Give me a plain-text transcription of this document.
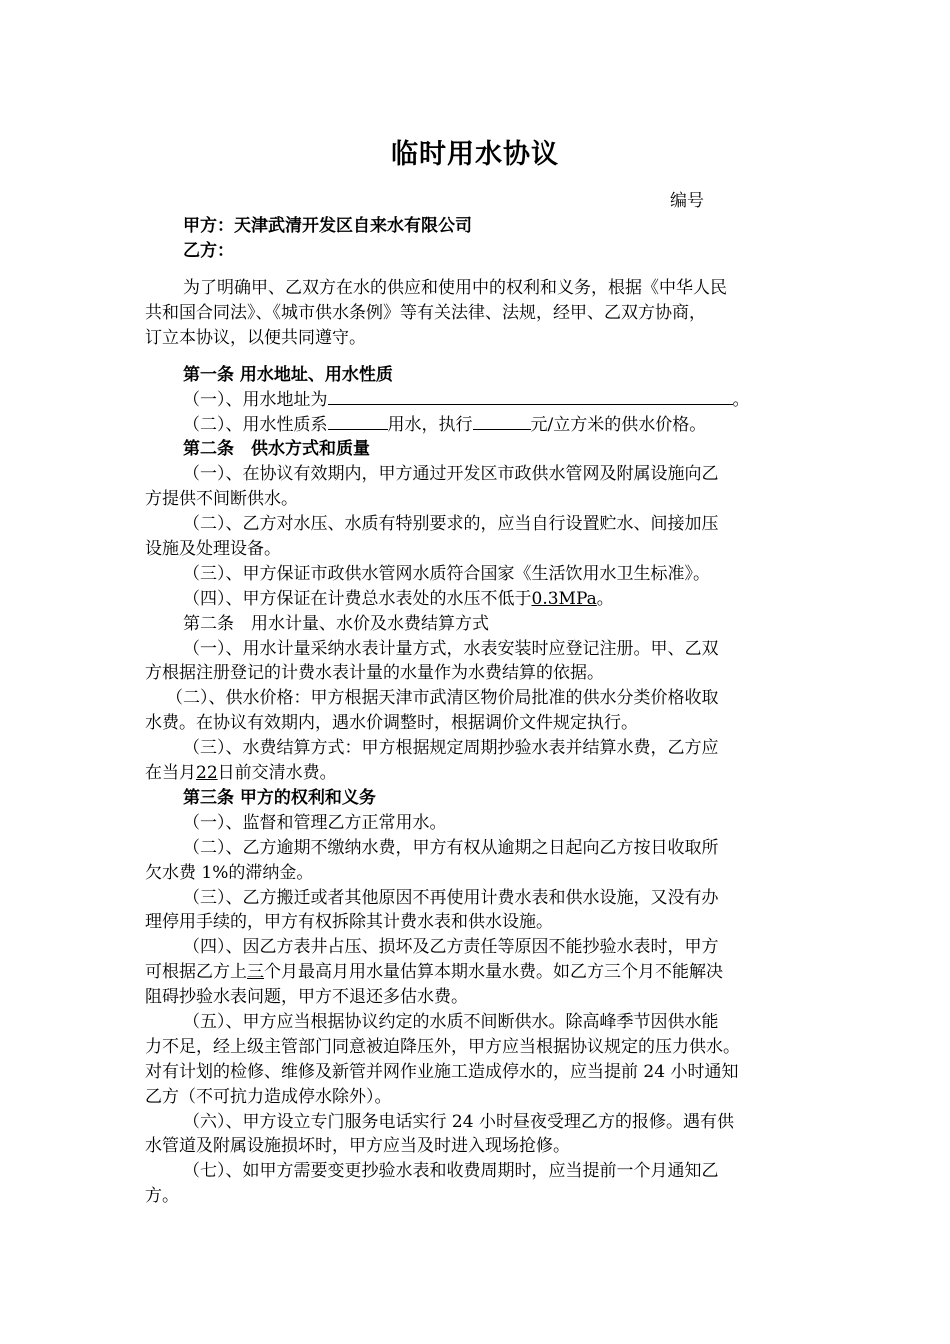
临时用水协议
编号
甲方：天津武清开发区自来水有限公司
乙方：
为了明确甲、乙双方在水的供应和使用中的权利和义务，根据《中华人民
共和国合同法》、《城市供水条例》等有关法律、法规，经甲、乙双方协商，
订立本协议，以便共同遵守。
第一条 用水地址、用水性质
（一）、用水地址为	。
（二）、用水性质系	用水，执行	元/立方米的供水价格。
第二条　供水方式和质量
（一）、在协议有效期内，甲方通过开发区市政供水管网及附属设施向乙
方提供不间断供水。
（二）、乙方对水压、水质有特别要求的，应当自行设置贮水、间接加压
设施及处理设备。
（三）、甲方保证市政供水管网水质符合国家《生活饮用水卫生标准》。
（四）、甲方保证在计费总水表处的水压不低于0.3MPa。
第二条　用水计量、水价及水费结算方式
（一）、用水计量采纳水表计量方式，水表安装时应登记注册。甲、乙双
方根据注册登记的计费水表计量的水量作为水费结算的依据。
（二）、供水价格：甲方根据天津市武清区物价局批准的供水分类价格收取
水费。在协议有效期内，遇水价调整时，根据调价文件规定执行。
（三）、水费结算方式：甲方根据规定周期抄验水表并结算水费，乙方应
在当月22日前交清水费。
第三条 甲方的权利和义务
（一）、监督和管理乙方正常用水。
（二）、乙方逾期不缴纳水费，甲方有权从逾期之日起向乙方按日收取所
欠水费 1%的滞纳金。
（三）、乙方搬迁或者其他原因不再使用计费水表和供水设施，又没有办
理停用手续的，甲方有权拆除其计费水表和供水设施。
（四）、因乙方表井占压、损坏及乙方责任等原因不能抄验水表时，甲方
可根据乙方上三个月最高月用水量估算本期水量水费。如乙方三个月不能解决
阻碍抄验水表问题，甲方不退还多估水费。
（五）、甲方应当根据协议约定的水质不间断供水。除高峰季节因供水能
力不足，经上级主管部门同意被迫降压外，甲方应当根据协议规定的压力供水。
对有计划的检修、维修及新管并网作业施工造成停水的，应当提前 24 小时通知
乙方（不可抗力造成停水除外）。
（六）、甲方设立专门服务电话实行 24 小时昼夜受理乙方的报修。遇有供
水管道及附属设施损坏时，甲方应当及时进入现场抢修。
（七）、如甲方需要变更抄验水表和收费周期时，应当提前一个月通知乙
方。
